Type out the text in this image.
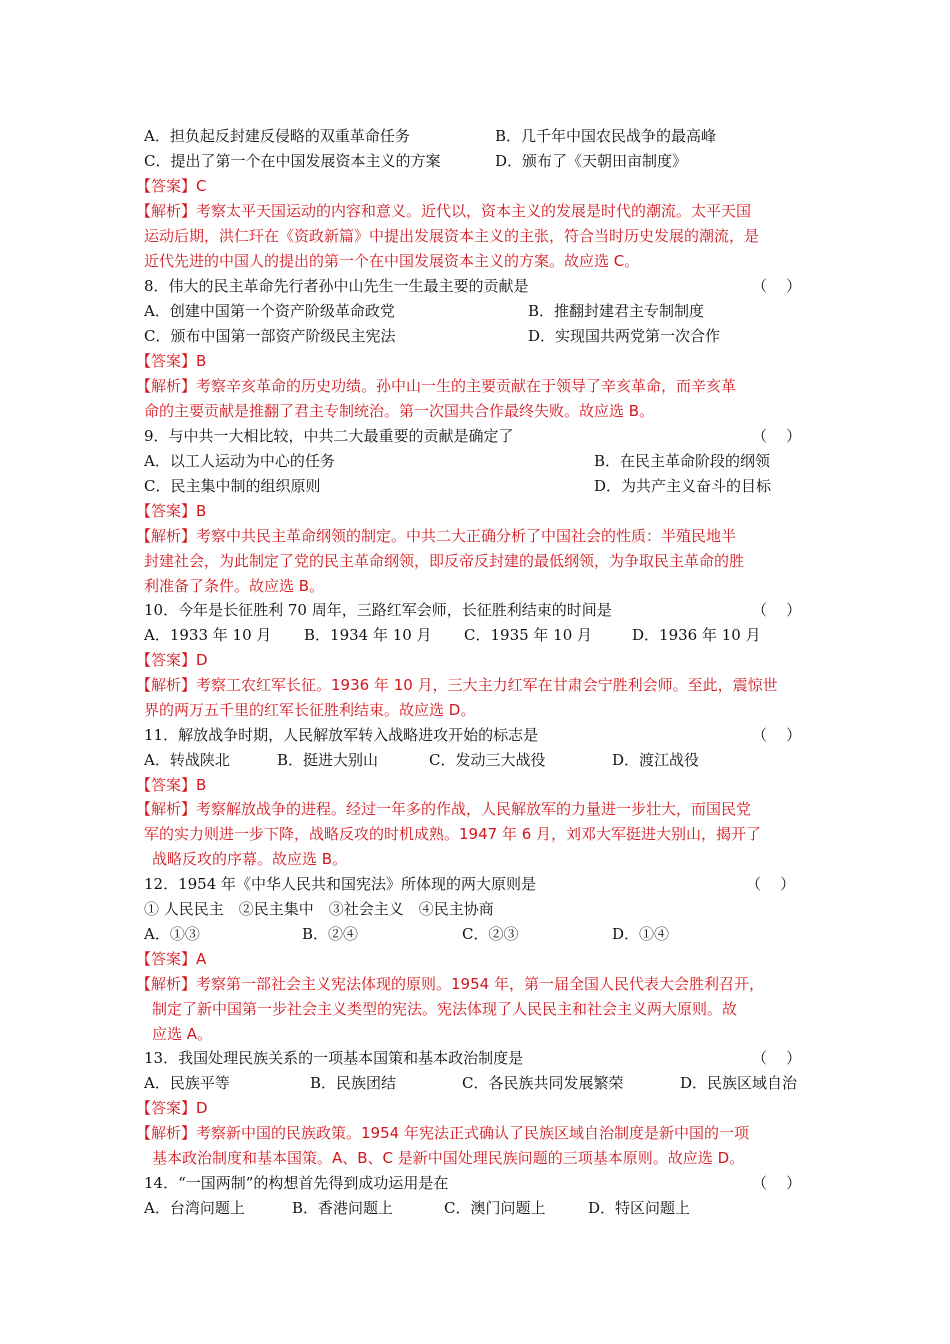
A．担负起反封建反侵略的双重革命任务	B．几千年中国农民战争的最高峰
C．提出了第一个在中国发展资本主义的方案	D．颁布了《天朝田亩制度》
【答案】C
【解析】考察太平天国运动的内容和意义。近代以，资本主义的发展是时代的潮流。太平天国
运动后期，洪仁玕在《资政新篇》中提出发展资本主义的主张，符合当时历史发展的潮流，是
近代先进的中国人的提出的第一个在中国发展资本主义的方案。故应选 C。
8．伟大的民主革命先行者孙中山先生一生最主要的贡献是	（    ）
A．创建中国第一个资产阶级革命政党	B．推翻封建君主专制制度
C．颁布中国第一部资产阶级民主宪法	D．实现国共两党第一次合作
【答案】B
【解析】考察辛亥革命的历史功绩。孙中山一生的主要贡献在于领导了辛亥革命，而辛亥革
命的主要贡献是推翻了君主专制统治。第一次国共合作最终失败。故应选 B。
9．与中共一大相比较，中共二大最重要的贡献是确定了	（    ）
A．以工人运动为中心的任务	B．在民主革命阶段的纲领
C．民主集中制的组织原则	D．为共产主义奋斗的目标
【答案】B
【解析】考察中共民主革命纲领的制定。中共二大正确分析了中国社会的性质：半殖民地半
封建社会，为此制定了党的民主革命纲领，即反帝反封建的最低纲领，为争取民主革命的胜
利准备了条件。故应选 B。
10．今年是长征胜利 70 周年，三路红军会师，长征胜利结束的时间是	（    ）
A．1933 年 10 月 B．1934 年 10 月 C．1935 年 10 月	D．1936 年 10 月
【答案】D
【解析】考察工农红军长征。1936 年 10 月，三大主力红军在甘肃会宁胜利会师。至此，震惊世
界的两万五千里的红军长征胜利结束。故应选 D。
11．解放战争时期，人民解放军转入战略进攻开始的标志是	（    ）
A．转战陕北	B．挺进大别山	C．发动三大战役	D．渡江战役
【答案】B
【解析】考察解放战争的进程。经过一年多的作战，人民解放军的力量进一步壮大，而国民党
军的实力则进一步下降，战略反攻的时机成熟。1947 年 6 月，刘邓大军挺进大别山，揭开了
战略反攻的序幕。故应选 B。
12．1954 年《中华人民共和国宪法》所体现的两大原则是	（    ）
① 人民民主　②民主集中　③社会主义　④民主协商
A．①③	B．②④	C．②③	D．①④
【答案】A
【解析】考察第一部社会主义宪法体现的原则。1954 年，第一届全国人民代表大会胜利召开，
制定了新中国第一步社会主义类型的宪法。宪法体现了人民民主和社会主义两大原则。故
应选 A。
13．我国处理民族关系的一项基本国策和基本政治制度是	（    ）
A．民族平等	B．民族团结	C．各民族共同发展繁荣	D．民族区域自治
【答案】D
【解析】考察新中国的民族政策。1954 年宪法正式确认了民族区域自治制度是新中国的一项
基本政治制度和基本国策。A、B、C 是新中国处理民族问题的三项基本原则。故应选 D。
14．“一国两制”的构想首先得到成功运用是在	（    ）
A．台湾问题上	B．香港问题上	C．澳门问题上	D．特区问题上
